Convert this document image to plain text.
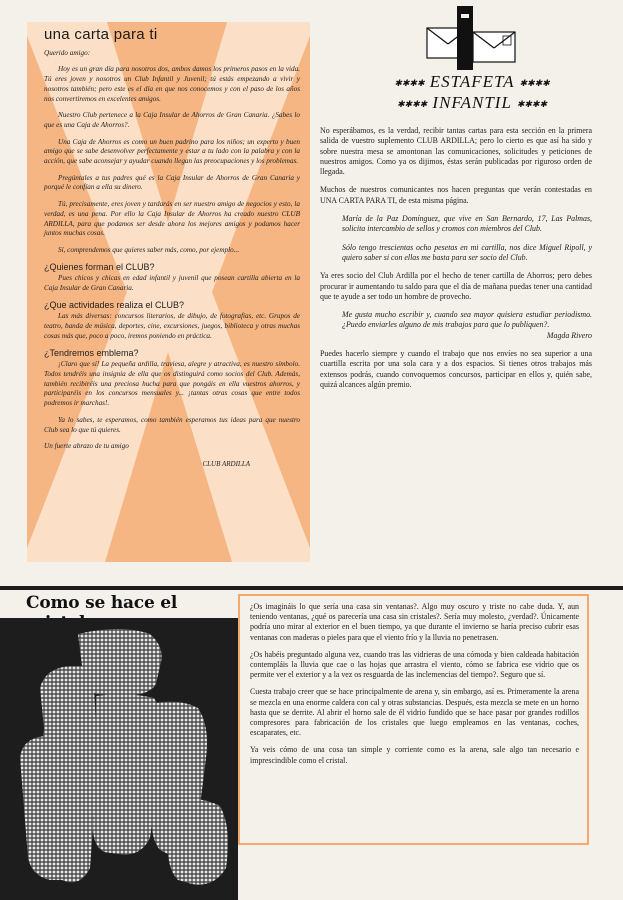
una carta para ti

Querido amigo:

Hoy es un gran día para nosotros dos, ambos damos los primeros pasos en la vida. Tú eres joven y nosotros un Club Infantil y Juvenil; tú estás empezando a vivir y nosotros también; pero este es el día en que nos conocemos y con el paso de los años nos convertiremos en excelentes amigos.

Nuestro Club pertenece a la Caja Insular de Ahorros de Gran Canaria. ¿Sabes lo que es una Caja de Ahorros?.

Una Caja de Ahorros es como un buen padrino para los niños; un experto y buen amigo que se sabe desenvolver perfectamente y estar a tu lado con la palabra y con la acción, que sabe aconsejar y ayudar cuando llegan las preocupaciones y los problemas.

Pregúntales a tus padres qué es la Caja Insular de Ahorros de Gran Canaria y porqué le confían a ella su dinero.

Tú, precisamente, eres joven y tardarás en ser nuestro amigo de negocios y esto, la verdad, es una pena. Por ello la Caja Insular de Ahorros ha creado nuestro CLUB ARDILLA, para que podamos ser desde ahora los mejores amigos y podamos hacer juntos muchas cosas.

Sí, comprendemos que quieres saber más, como, por ejemplo...

¿Quienes forman el CLUB?

Pues chicos y chicas en edad infantil y juvenil que posean cartilla abierta en la Caja Insular de Gran Canaria.

¿Que actividades realiza el CLUB?

Las más diversas: concursos literarios, de dibujo, de fotografías, etc. Grupos de teatro, banda de música, deportes, cine, excursiones, juegos, biblioteca y otras muchas cosas más que, poco a poco, iremos poniendo en práctica.

¿Tendremos emblema?

¡Claro que sí! La pequeña ardilla, traviesa, alegre y atractiva, es nuestro símbolo. Todos tendréis una insignia de ella que os distinguirá como socios del Club. Además, también recibiréis una preciosa hucha para que pongáis en ella vuestros ahorros, y participaréis en los concursos mensuales y... ¡tantas otras cosas que entre todos podremos ir marchas!.

Ya lo sabes, te esperamos, como también esperamos tus ideas para que nuestro Club sea lo que tú quieres.

Un fuerte abrazo de tu amigo

CLUB ARDILLA
✱✱✱✱ ESTAFETA ✱✱✱✱
✱✱✱✱ INFANTIL ✱✱✱✱

No esperábamos, es la verdad, recibir tantas cartas para esta sección en la primera salida de vuestro suplemento CLUB ARDILLA; pero lo cierto es que así ha sido y sobre nuestra mesa se amontonan las comunicaciones, solicitudes y peticiones de nuestros amigos. Como ya os dijimos, éstas serán publicadas por riguroso orden de llegada.

Muchos de nuestros comunicantes nos hacen preguntas que verán contestadas en UNA CARTA PARA TI, de esta misma página.

María de la Paz Domínguez, que vive en San Bernardo, 17, Las Palmas, solicita intercambio de sellos y cromos con miembros del Club.

Sólo tengo trescientas ocho pesetas en mi cartilla, nos dice Miguel Ripoll, y quiero saber si con ellas me basta para ser socio del Club.

Ya eres socio del Club Ardilla por el hecho de tener cartilla de Ahorros; pero debes procurar ir aumentando tu saldo para que el día de mañana puedas tener una cantidad que te ayude a ser todo un hombre de provecho.

Me gusta mucho escribir y, cuando sea mayor quisiera estudiar periodismo. ¿Puedo enviarles alguno de mis trabajos para que lo publiquen?.

Magda Rivero

Puedes hacerlo siempre y cuando el trabajo que nos envíes no sea superior a una cuartilla escrita por una sola cara y a dos espacios. Si tienes otros trabajos más extensos podrás, cuando convoquemos concursos, participar en ellos y, quién sabe, quizá alcances algún premio.

Como se hace el	¿Os imagináis lo que sería una casa sin ventanas?. Algo muy oscuro y triste no cabe duda. Y, aun teniendo ventanas, ¿qué os parecería una casa sin cristales?. Sería muy molesto, ¿verdad?. Únicamente podría uno mirar al exterior en el buen tiempo, ya que durante el invierno se haría preciso cubrir esas ventanas con maderas o pieles para que el viento frío y la lluvia no penetrasen.

¿Os habéis preguntado alguna vez, cuando tras las vidrieras de una cómoda y bien caldeada habitación contempláis la lluvia que cae o las hojas que arrastra el viento, cómo se fabrica ese vidrio que os permite ver el exterior y a la vez os resguarda de las inclemencias del tiempo?. Seguro que sí.

Cuesta trabajo creer que se hace principalmente de arena y, sin embargo, así es. Primeramente la arena se mezcla en una enorme caldera con cal y otras substancias. Después, esta mezcla se mete en un horno hasta que se derrite. Al abrir el horno sale de él vidrio fundido que se hace pasar por grandes rodillos compresores para fabricación de los cristales que luego empleamos en las ventanas, coches, escaparates, etc.

Ya veis cómo de una cosa tan simple y corriente como es la arena, sale algo tan necesario e imprescindible como el cristal.
